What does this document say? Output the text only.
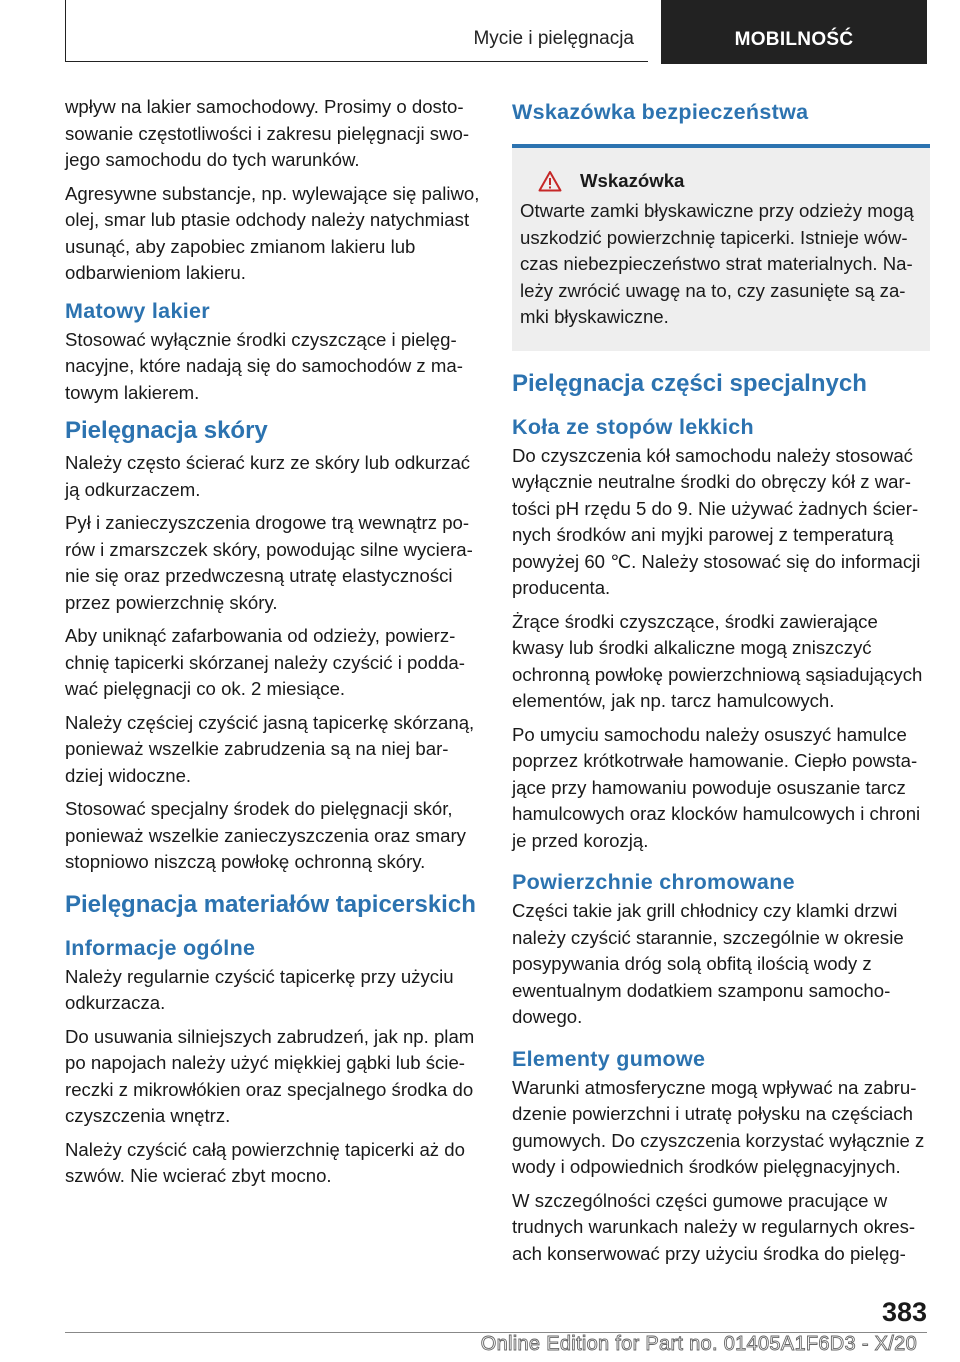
Mycie i pielęgnacja	MOBILNOŚĆ

wpływ na lakier samochodowy. Prosimy o dostosowanie częstotliwości i zakresu pielęgnacji swojego samochodu do tych warunków.

Agresywne substancje, np. wylewające się paliwo, olej, smar lub ptasie odchody należy natychmiast usunąć, aby zapobiec zmianom lakieru lub odbarwieniom lakieru.

Matowy lakier

Stosować wyłącznie środki czyszczące i pielęgnacyjne, które nadają się do samochodów z matowym lakierem.

Pielęgnacja skóry

Należy często ścierać kurz ze skóry lub odkurzać ją odkurzaczem.

Pył i zanieczyszczenia drogowe trą wewnątrz porów i zmarszczek skóry, powodując silne wycieranie się oraz przedwczesną utratę elastyczności przez powierzchnię skóry.

Aby uniknąć zafarbowania od odzieży, powierzchnię tapicerki skórzanej należy czyścić i poddawać pielęgnacji co ok. 2 miesiące.

Należy częściej czyścić jasną tapicerkę skórzaną, ponieważ wszelkie zabrudzenia są na niej bardziej widoczne.

Stosować specjalny środek do pielęgnacji skór, ponieważ wszelkie zanieczyszczenia oraz smary stopniowo niszczą powłokę ochronną skóry.

Pielęgnacja materiałów tapicerskich
Informacje ogólne

Należy regularnie czyścić tapicerkę przy użyciu odkurzacza.

Do usuwania silniejszych zabrudzeń, jak np. plam po napojach należy użyć miękkiej gąbki lub ściereczki z mikrowłókien oraz specjalnego środka do czyszczenia wnętrz.

Należy czyścić całą powierzchnię tapicerki aż do szwów. Nie wcierać zbyt mocno.

Wskazówka bezpieczeństwa
Wskazówka

Otwarte zamki błyskawiczne przy odzieży mogą uszkodzić powierzchnię tapicerki. Istnieje wówczas niebezpieczeństwo strat materialnych. Należy zwrócić uwagę na to, czy zasunięte są zamki błyskawiczne.

Pielęgnacja części specjalnych
Koła ze stopów lekkich

Do czyszczenia kół samochodu należy stosować wyłącznie neutralne środki do obręczy kół z wartości pH rzędu 5 do 9. Nie używać żadnych ściernych środków ani myjki parowej z temperaturą powyżej 60 ℃. Należy stosować się do informacji producenta.

Żrące środki czyszczące, środki zawierające kwasy lub środki alkaliczne mogą zniszczyć ochronną powłokę powierzchniową sąsiadujących elementów, jak np. tarcz hamulcowych.

Po umyciu samochodu należy osuszyć hamulce poprzez krótkotrwałe hamowanie. Ciepło powstające przy hamowaniu powoduje osuszanie tarcz hamulcowych oraz klocków hamulcowych i chroni je przed korozją.

Powierzchnie chromowane

Części takie jak grill chłodnicy czy klamki drzwi należy czyścić starannie, szczególnie w okresie posypywania dróg solą obfitą ilością wody z ewentualnym dodatkiem szamponu samochodowego.

Elementy gumowe

Warunki atmosferyczne mogą wpływać na zabrudzenie powierzchni i utratę połysku na częściach gumowych. Do czyszczenia korzystać wyłącznie z wody i odpowiednich środków pielęgnacyjnych.

W szczególności części gumowe pracujące w trudnych warunkach należy w regularnych okresach konserwować przy użyciu środka do pielęg-

383
Online Edition for Part no. 01405A1F6D3 - X/20
